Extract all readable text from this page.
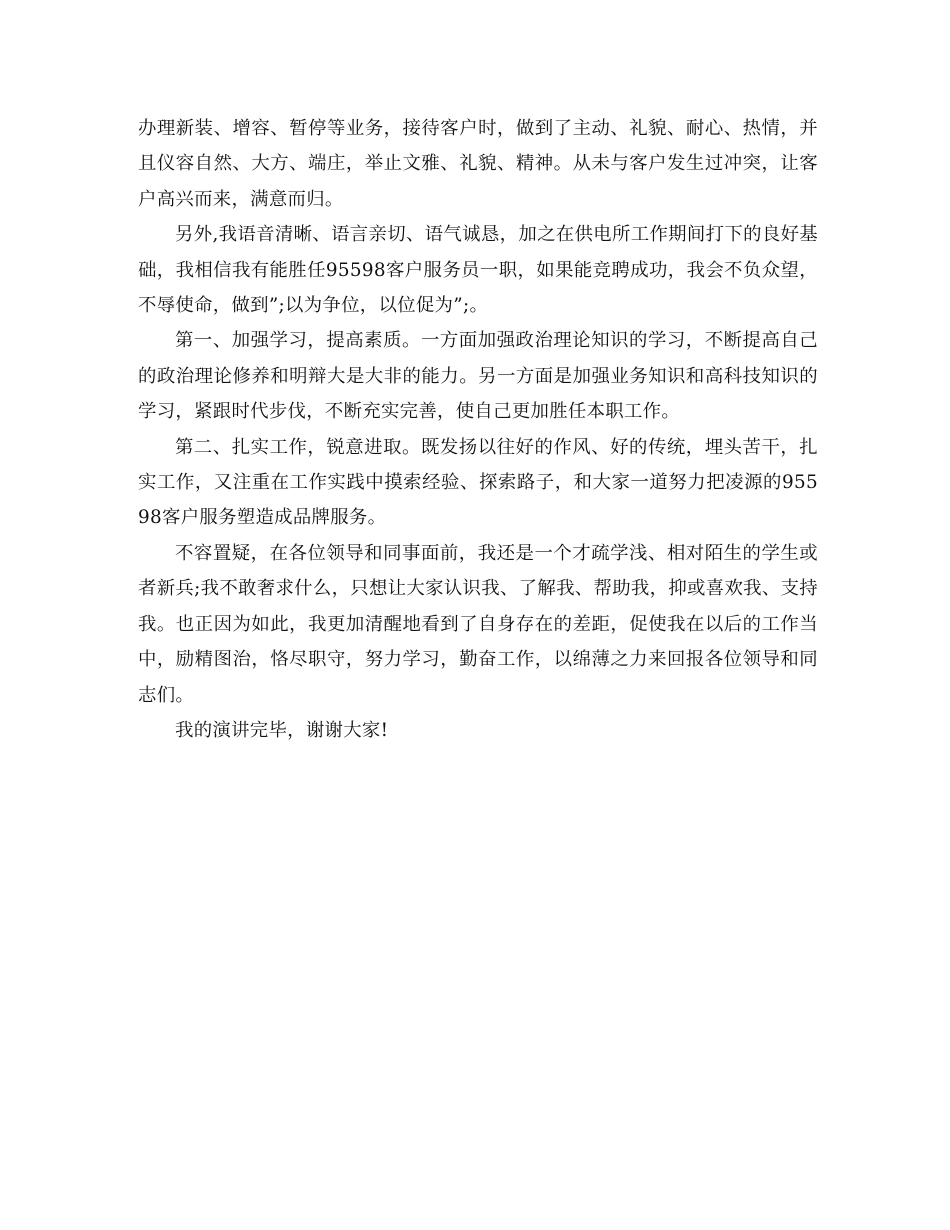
办理新装、增容、暂停等业务，接待客户时，做到了主动、礼貌、耐心、热情，并且仪容自然、大方、端庄，举止文雅、礼貌、精神。从未与客户发生过冲突，让客户高兴而来，满意而归。

另外,我语音清晰、语言亲切、语气诚恳，加之在供电所工作期间打下的良好基础，我相信我有能胜任95598客户服务员一职，如果能竞聘成功，我会不负众望，不辱使命，做到”;以为争位，以位促为”;。

第一、加强学习，提高素质。一方面加强政治理论知识的学习，不断提高自己的政治理论修养和明辩大是大非的能力。另一方面是加强业务知识和高科技知识的学习，紧跟时代步伐，不断充实完善，使自己更加胜任本职工作。

第二、扎实工作，锐意进取。既发扬以往好的作风、好的传统，埋头苦干，扎实工作，又注重在工作实践中摸索经验、探索路子，和大家一道努力把凌源的95598客户服务塑造成品牌服务。

不容置疑，在各位领导和同事面前，我还是一个才疏学浅、相对陌生的学生或者新兵;我不敢奢求什么，只想让大家认识我、了解我、帮助我，抑或喜欢我、支持我。也正因为如此，我更加清醒地看到了自身存在的差距，促使我在以后的工作当中，励精图治，恪尽职守，努力学习，勤奋工作，以绵薄之力来回报各位领导和同志们。

我的演讲完毕，谢谢大家!
